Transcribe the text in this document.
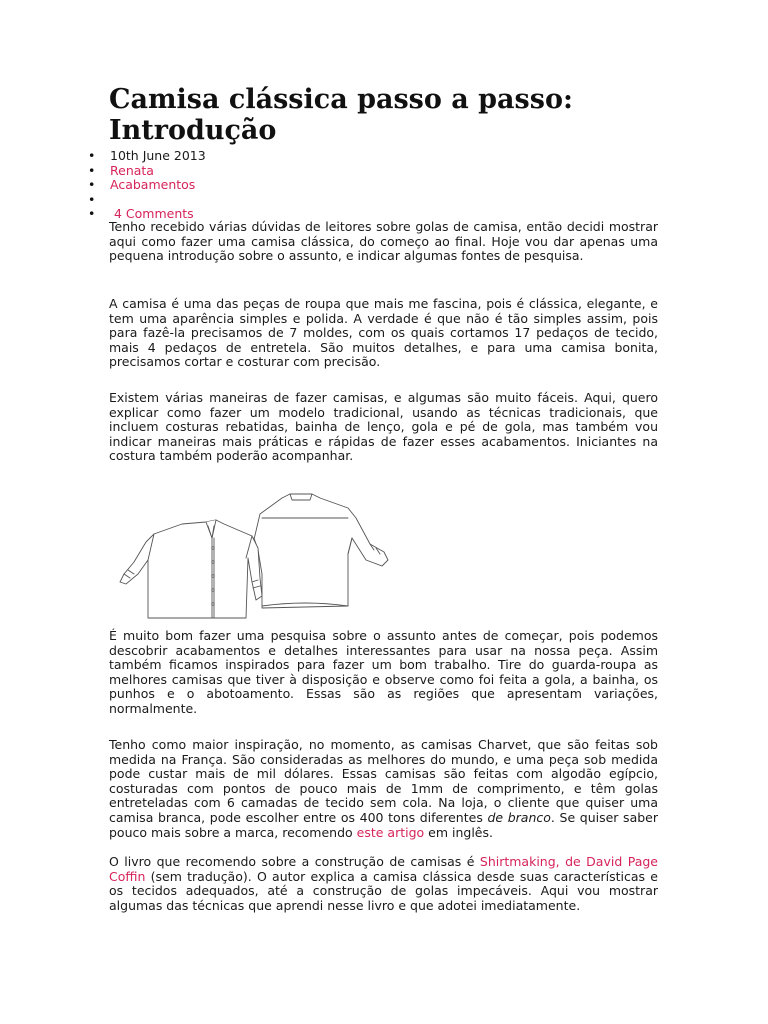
Camisa clássica passo a passo: Introdução
• 10th June 2013
• Renata
• Acabamentos
•
•  4 Comments

Tenho recebido várias dúvidas de leitores sobre golas de camisa, então decidi mostrar aqui como fazer uma camisa clássica, do começo ao final. Hoje vou dar apenas uma pequena introdução sobre o assunto, e indicar algumas fontes de pesquisa.

A camisa é uma das peças de roupa que mais me fascina, pois é clássica, elegante, e tem uma aparência simples e polida. A verdade é que não é tão simples assim, pois para fazê-la precisamos de 7 moldes, com os quais cortamos 17 pedaços de tecido, mais 4 pedaços de entretela. São muitos detalhes, e para uma camisa bonita, precisamos cortar e costurar com precisão.

Existem várias maneiras de fazer camisas, e algumas são muito fáceis. Aqui, quero explicar como fazer um modelo tradicional, usando as técnicas tradicionais, que incluem costuras rebatidas, bainha de lenço, gola e pé de gola, mas também vou indicar maneiras mais práticas e rápidas de fazer esses acabamentos. Iniciantes na costura também poderão acompanhar.

É muito bom fazer uma pesquisa sobre o assunto antes de começar, pois podemos descobrir acabamentos e detalhes interessantes para usar na nossa peça. Assim também ficamos inspirados para fazer um bom trabalho. Tire do guarda-roupa as melhores camisas que tiver à disposição e observe como foi feita a gola, a bainha, os punhos e o abotoamento. Essas são as regiões que apresentam variações, normalmente.

Tenho como maior inspiração, no momento, as camisas Charvet, que são feitas sob medida na França. São consideradas as melhores do mundo, e uma peça sob medida pode custar mais de mil dólares. Essas camisas são feitas com algodão egípcio, costuradas com pontos de pouco mais de 1mm de comprimento, e têm golas entreteladas com 6 camadas de tecido sem cola. Na loja, o cliente que quiser uma camisa branca, pode escolher entre os 400 tons diferentes de branco. Se quiser saber pouco mais sobre a marca, recomendo este artigo em inglês.

O livro que recomendo sobre a construção de camisas é Shirtmaking, de David Page Coffin (sem tradução). O autor explica a camisa clássica desde suas características e os tecidos adequados, até a construção de golas impecáveis. Aqui vou mostrar algumas das técnicas que aprendi nesse livro e que adotei imediatamente.
